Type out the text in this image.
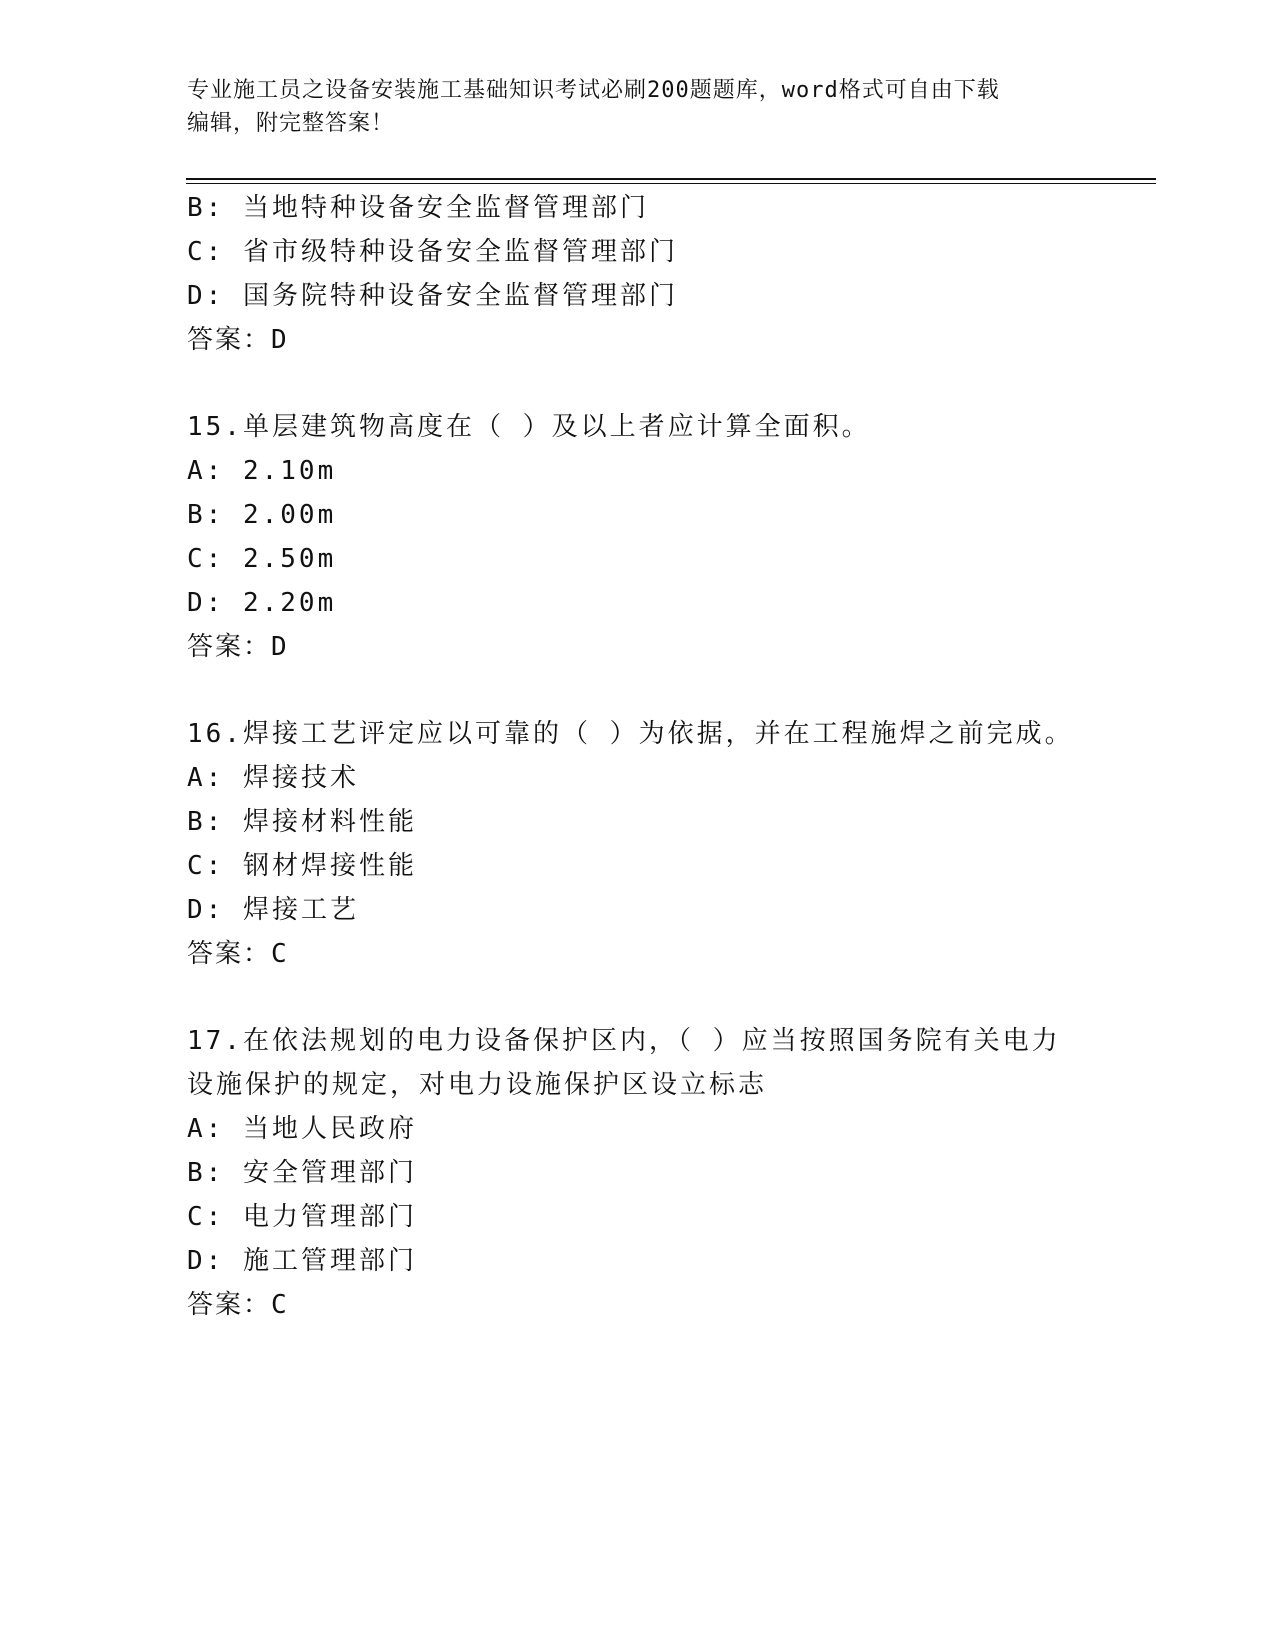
专业施工员之设备安装施工基础知识考试必刷200题题库，word格式可自由下载
编辑，附完整答案！
B: 当地特种设备安全监督管理部门
C: 省市级特种设备安全监督管理部门
D: 国务院特种设备安全监督管理部门
答案：D
15.单层建筑物高度在（ ）及以上者应计算全面积。
A: 2.10m
B: 2.00m
C: 2.50m
D: 2.20m
答案：D
16.焊接工艺评定应以可靠的（ ）为依据，并在工程施焊之前完成。
A: 焊接技术
B: 焊接材料性能
C: 钢材焊接性能
D: 焊接工艺
答案：C
17.在依法规划的电力设备保护区内，（ ）应当按照国务院有关电力
设施保护的规定，对电力设施保护区设立标志
A: 当地人民政府
B: 安全管理部门
C: 电力管理部门
D: 施工管理部门
答案：C
